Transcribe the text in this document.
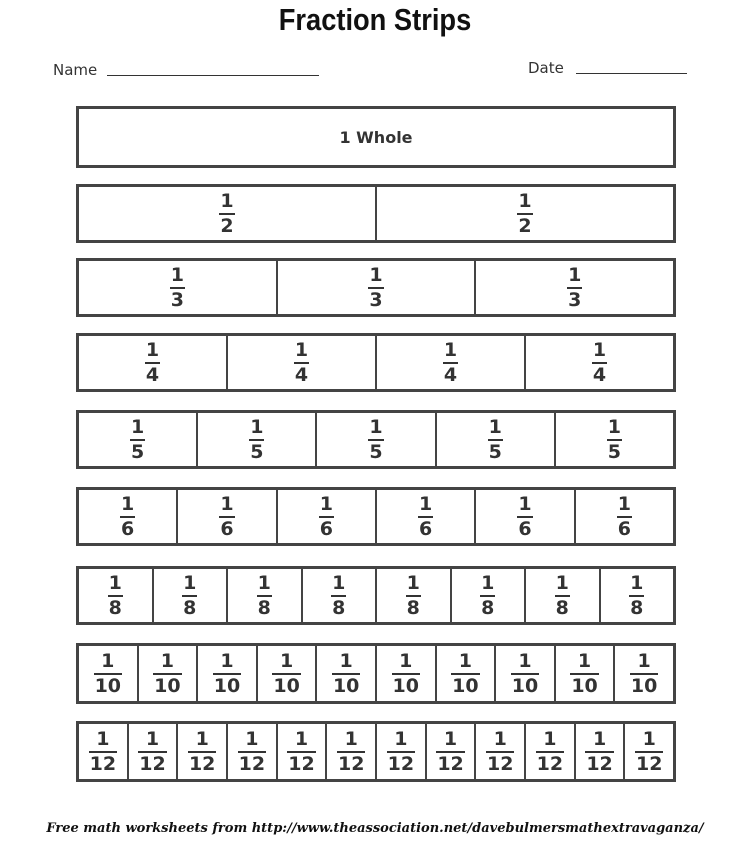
Fraction Strips
Name	Date
1 Whole
$\frac{1}{2}$	$\frac{1}{2}$
$\frac{1}{3}$	$\frac{1}{3}$	$\frac{1}{3}$
$\frac{1}{4}$	$\frac{1}{4}$	$\frac{1}{4}$	$\frac{1}{4}$
$\frac{1}{5}$	$\frac{1}{5}$	$\frac{1}{5}$	$\frac{1}{5}$	$\frac{1}{5}$
$\frac{1}{6}$	$\frac{1}{6}$	$\frac{1}{6}$	$\frac{1}{6}$	$\frac{1}{6}$	$\frac{1}{6}$
$\frac{1}{8}$	$\frac{1}{8}$	$\frac{1}{8}$	$\frac{1}{8}$	$\frac{1}{8}$	$\frac{1}{8}$	$\frac{1}{8}$	$\frac{1}{8}$
$\frac{1}{10} \frac{1}{10} \frac{1}{10} \frac{1}{10} \frac{1}{10} \frac{1}{10} \frac{1}{10} \frac{1}{10} \frac{1}{10} \frac{1}{10}$
$\frac{1}{12} \frac{1}{12} \frac{1}{12} \frac{1}{12} \frac{1}{12} \frac{1}{12} \frac{1}{12} \frac{1}{12} \frac{1}{12} \frac{1}{12} \frac{1}{12} \frac{1}{12}$
Free math worksheets from http://www.theassociation.net/davebulmersmathextravaganza/
